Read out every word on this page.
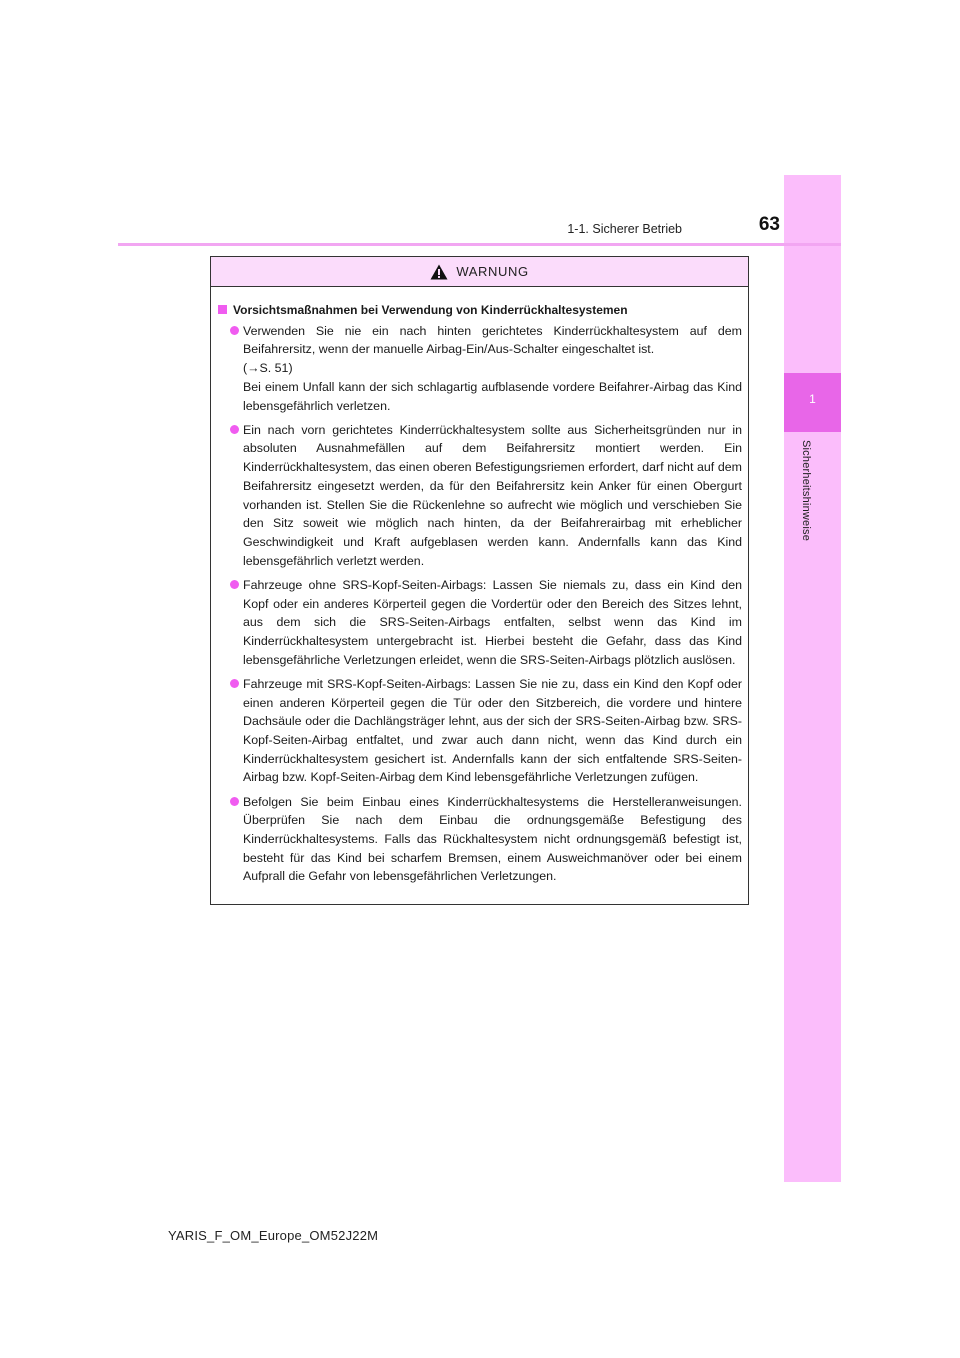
1
Sicherheitshinweise
1-1. Sicherer Betrieb	63
WARNUNG
Vorsichtsmaßnahmen bei Verwendung von Kinderrückhaltesystemen

Verwenden Sie nie ein nach hinten gerichtetes Kinderrückhaltesystem auf dem Beifahrersitz, wenn der manuelle Airbag-Ein/Aus-Schalter eingeschaltet ist.

(→S. 51)

Bei einem Unfall kann der sich schlagartig aufblasende vordere Beifahrer-Airbag das Kind lebensgefährlich verletzen.

Ein nach vorn gerichtetes Kinderrückhaltesystem sollte aus Sicherheitsgründen nur in absoluten Ausnahmefällen auf dem Beifahrersitz montiert werden. Ein Kinderrückhaltesystem, das einen oberen Befestigungsriemen erfordert, darf nicht auf dem Beifahrersitz eingesetzt werden, da für den Beifahrersitz kein Anker für einen Obergurt vorhanden ist. Stellen Sie die Rückenlehne so aufrecht wie möglich und verschieben Sie den Sitz soweit wie möglich nach hinten, da der Beifahrerairbag mit erheblicher Geschwindigkeit und Kraft aufgeblasen werden kann. Andernfalls kann das Kind lebensgefährlich verletzt werden.

Fahrzeuge ohne SRS-Kopf-Seiten-Airbags: Lassen Sie niemals zu, dass ein Kind den Kopf oder ein anderes Körperteil gegen die Vordertür oder den Bereich des Sitzes lehnt, aus dem sich die SRS-Seiten-Airbags entfalten, selbst wenn das Kind im Kinderrückhaltesystem untergebracht ist. Hierbei besteht die Gefahr, dass das Kind lebensgefährliche Verletzungen erleidet, wenn die SRS-Seiten-Airbags plötzlich auslösen.

Fahrzeuge mit SRS-Kopf-Seiten-Airbags: Lassen Sie nie zu, dass ein Kind den Kopf oder einen anderen Körperteil gegen die Tür oder den Sitzbereich, die vordere und hintere Dachsäule oder die Dachlängsträger lehnt, aus der sich der SRS-Seiten-Airbag bzw. SRS-Kopf-Seiten-Airbag entfaltet, und zwar auch dann nicht, wenn das Kind durch ein Kinderrückhaltesystem gesichert ist. Andernfalls kann der sich entfaltende SRS-Seiten-Airbag bzw. Kopf-Seiten-Airbag dem Kind lebensgefährliche Verletzungen zufügen.

Befolgen Sie beim Einbau eines Kinderrückhaltesystems die Herstelleranweisungen. Überprüfen Sie nach dem Einbau die ordnungsgemäße Befestigung des Kinderrückhaltesystems. Falls das Rückhaltesystem nicht ordnungsgemäß befestigt ist, besteht für das Kind bei scharfem Bremsen, einem Ausweichmanöver oder bei einem Aufprall die Gefahr von lebensgefährlichen Verletzungen.

YARIS_F_OM_Europe_OM52J22M
